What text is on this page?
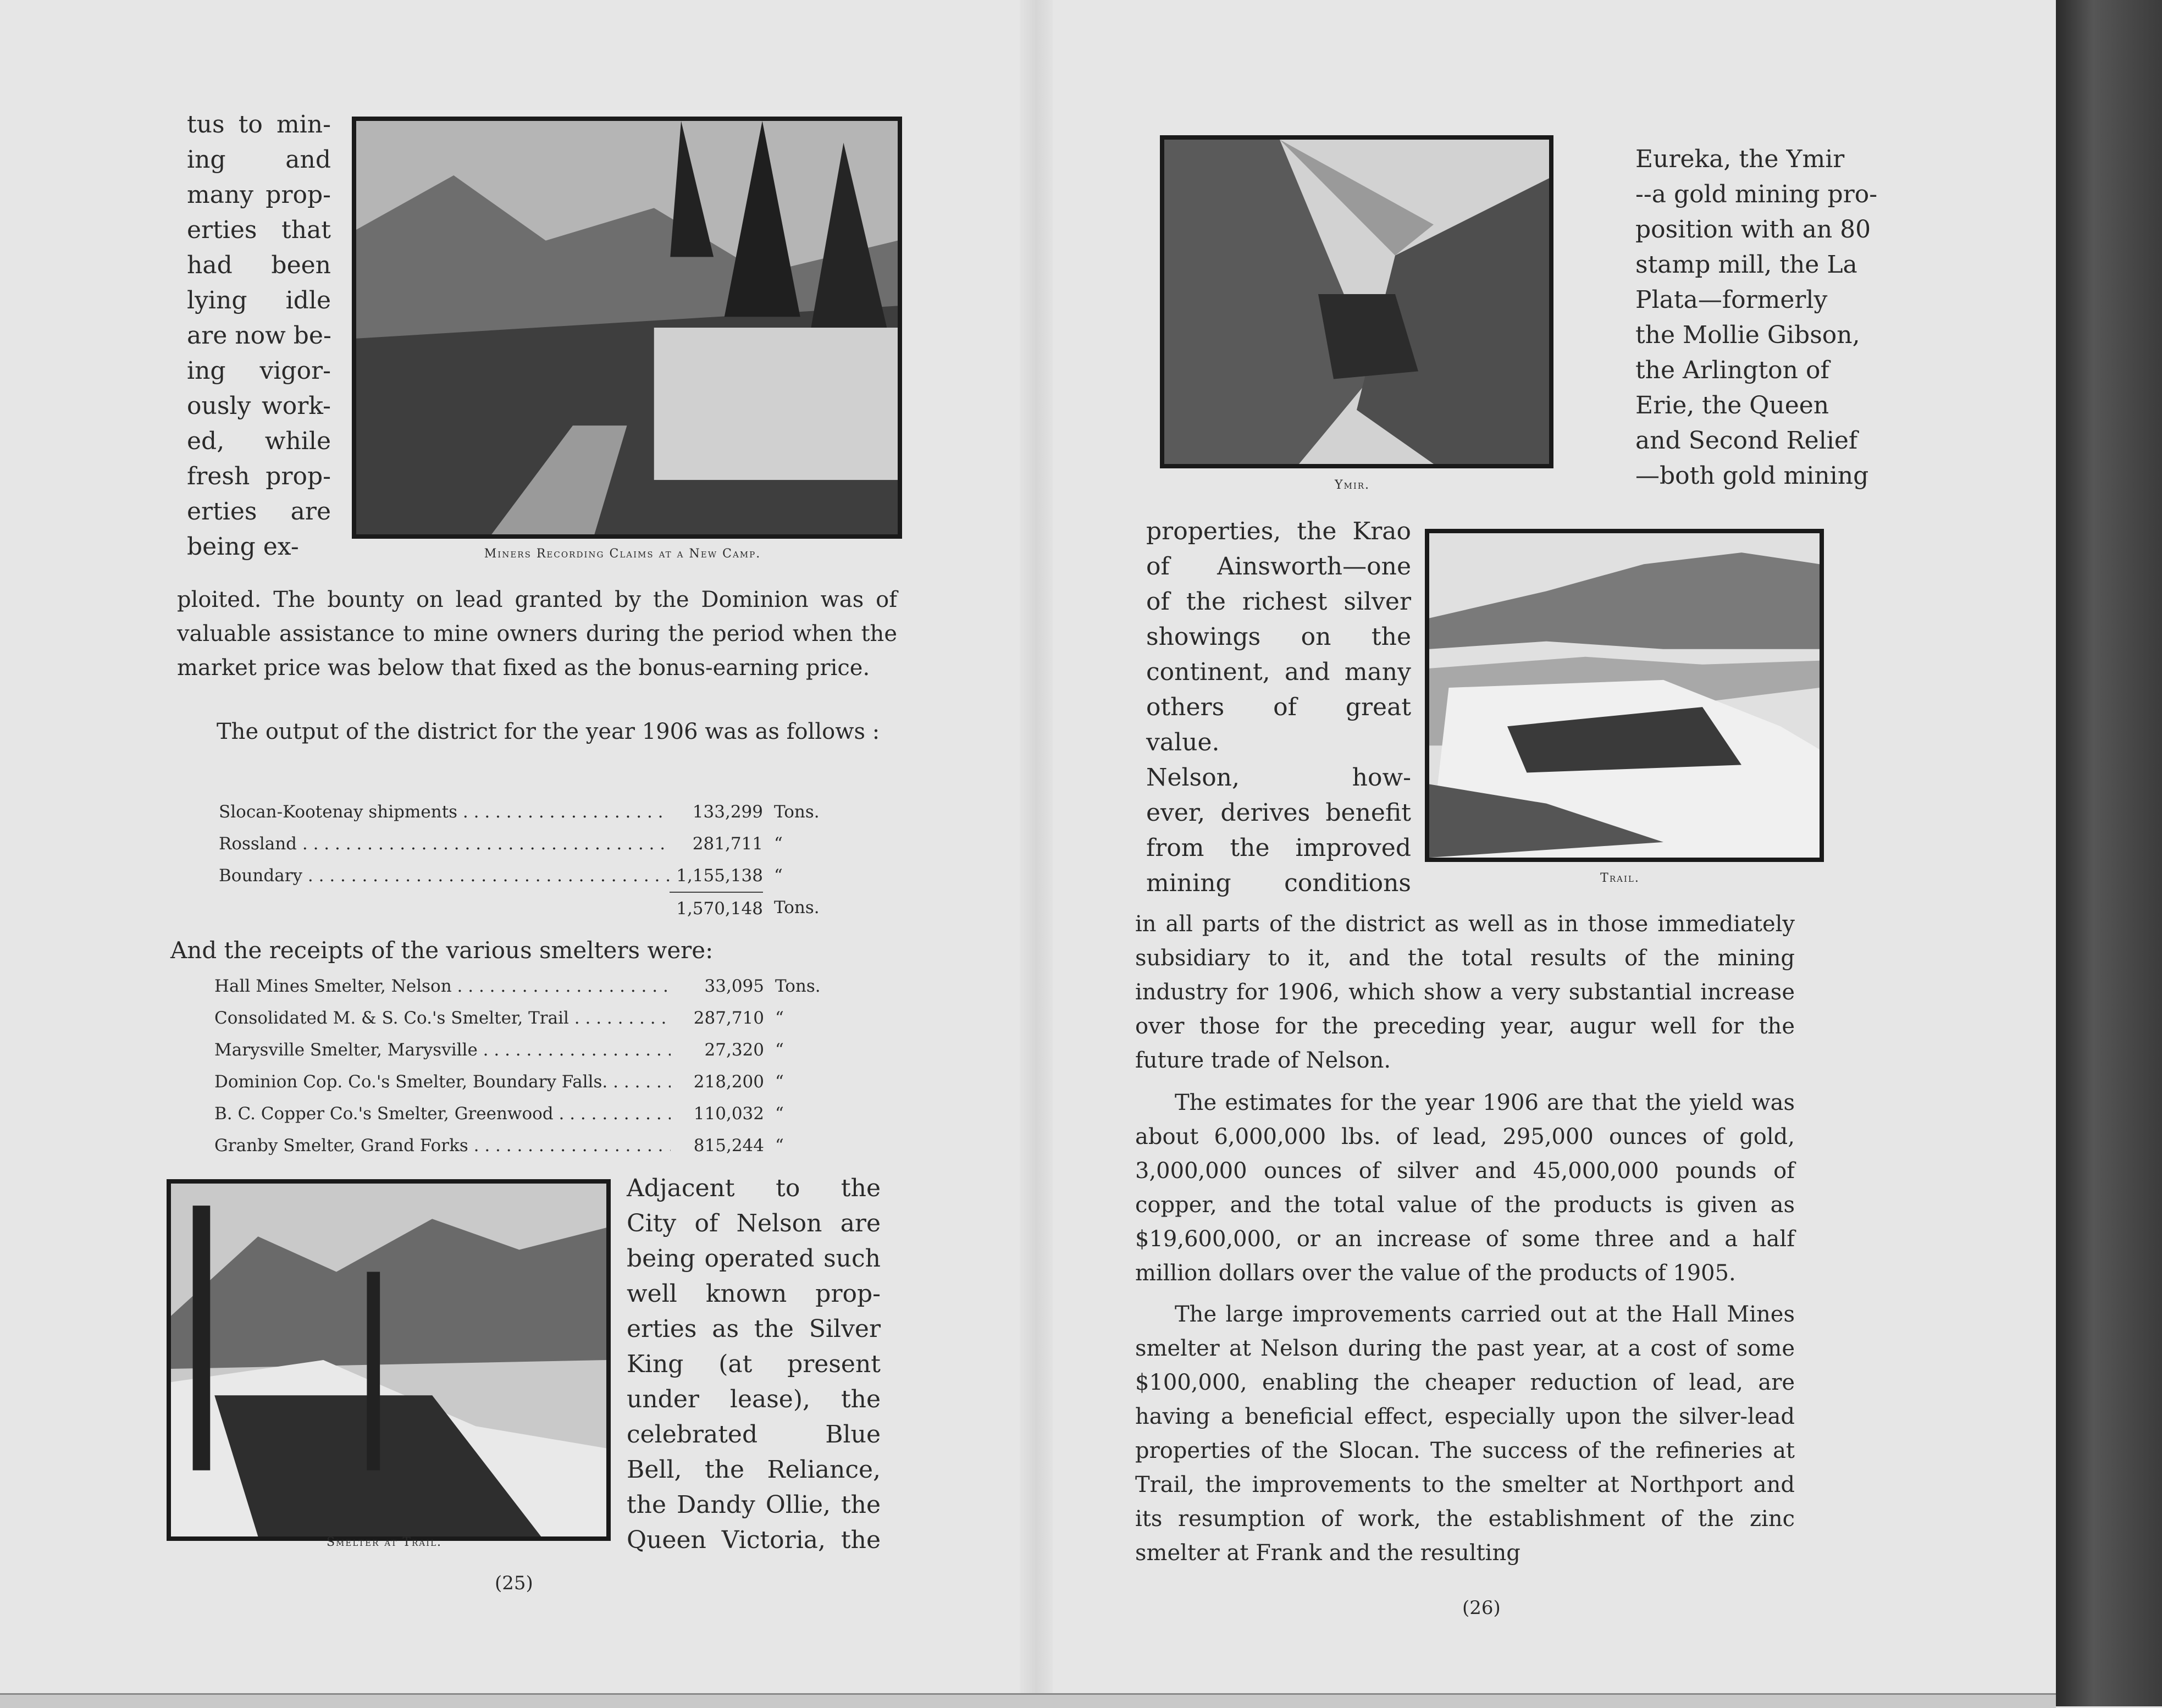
tus to min-
ing and
many prop-
erties that
had been
lying idle
are now be-
ing vigor-
ously work-
ed, while
fresh prop-
erties are
being ex-	Miners Recording Claims at a New Camp.

ploited. The bounty on lead granted by the Dominion was of valuable assistance to mine owners during the period when the market price was below that fixed as the bonus-earning price.

The output of the district for the year 1906 was as follows :

Slocan-Kootenay shipments . . .	133,299 Tons.
Rossland . . .	281,711 “
Boundary . . .	1,155,138 “
1,570,148 Tons.

And the receipts of the various smelters were:

Hall Mines Smelter, Nelson . . .	33,095 Tons.
Consolidated M. & S. Co.'s Smelter, Trail . . .	287,710 “
Marysville Smelter, Marysville . . .	27,320 “
Dominion Cop. Co.'s Smelter, Boundary Falls. . . .	218,200 “
B. C. Copper Co.'s Smelter, Greenwood . . .	110,032 “
Granby Smelter, Grand Forks . . .	815,244 “
Smelter at Trail.
Adjacent to the
City of Nelson are
being operated such
well known prop-
erties as the Silver
King (at present
under lease), the
celebrated Blue
Bell, the Reliance,
the Dandy Ollie, the
Queen Victoria, the
(25)
Ymir.
Eureka, the Ymir
--a gold mining pro-
position with an 80
stamp mill, the La
Plata—formerly
the Mollie Gibson,
the Arlington of
Erie, the Queen
and Second Relief
—both gold mining
Trail.
properties, the Krao
of Ainsworth—one
of the richest silver
showings on the
continent, and many
others of great
value.
Nelson, how-
ever, derives benefit
from the improved
mining conditions

in all parts of the district as well as in those immediately subsidiary to it, and the total results of the mining industry for 1906, which show a very substantial increase over those for the preceding year, augur well for the future trade of Nelson.

The estimates for the year 1906 are that the yield was about 6,000,000 lbs. of lead, 295,000 ounces of gold, 3,000,000 ounces of silver and 45,000,000 pounds of copper, and the total value of the products is given as $19,600,000, or an increase of some three and a half million dollars over the value of the products of 1905.

The large improvements carried out at the Hall Mines smelter at Nelson during the past year, at a cost of some $100,000, enabling the cheaper reduction of lead, are having a beneficial effect, especially upon the silver-lead properties of the Slocan. The success of the refineries at Trail, the improvements to the smelter at Northport and its resumption of work, the establishment of the zinc smelter at Frank and the resulting

(26)
